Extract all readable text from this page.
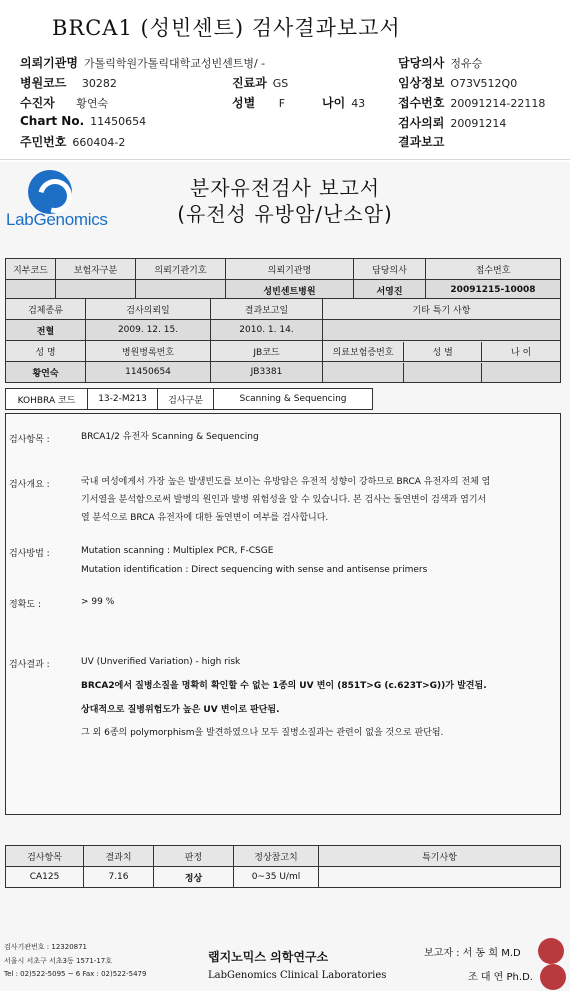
BRCA1 (성빈센트) 검사결과보고서
의뢰기관명 가톨릭학원가톨릭대학교성빈센트병/ -	담당의사 정유승
병원코드 30282	진료과 GS	임상정보 O73V512Q0
수진자 황연숙	성별 F	나이 43	접수번호 20091214-22118
Chart No. 11450654	검사의뢰 20091214
주민번호 660404-2	결과보고
LabGenomics
분자유전검사 보고서
(유전성 유방암/난소암)
지부코드	보험자구분	의뢰기관기호	의뢰기관명	담당의사	접수번호
			성빈센트병원	서영진	20091215-10008
검체종류	검사의뢰일	결과보고일	기타 특기 사항
전혈	2009. 12. 15.	2010. 1. 14.	
성 명	병원병록번호	JB코드		의료보험증번호	성 별	나 이

황연숙	11450654	JB3381	

KOHBRA 코드	13-2-M213	검사구분	Scanning & Sequencing
검사항목 :	BRCA1/2 유전자 Scanning & Sequencing
검사개요 :	국내 여성에게서 가장 높은 발생빈도를 보이는 유방암은 유전적 성향이 강하므로 BRCA 유전자의 전체 염
기서열을 분석함으로써 발병의 원인과 발병 위험성을 알 수 있습니다. 본 검사는 돌연변이 검색과 염기서
열 분석으로 BRCA 유전자에 대한 돌연변이 여부를 검사합니다.
검사방법 :	Mutation scanning : Multiplex PCR, F-CSGE
Mutation identification : Direct sequencing with sense and antisense primers
정확도 :	> 99 %
검사결과 :	UV (Unverified Variation) - high risk
BRCA2에서 질병소질을 명확히 확인할 수 없는 1종의 UV 변이 (851T>G (c.623T>G))가 발견됨.
상대적으로 질병위험도가 높은 UV 변이로 판단됨.
그 외 6종의 polymorphism을 발견하였으나 모두 질병소질과는 관련이 없을 것으로 판단됨.
검사항목	결과치	판정	정상참고치	특기사항
CA125	7.16	정상	0~35 U/ml	
검사기관번호 : 12320871
서울시 서초구 서초3동 1571-17호
Tel : 02)522-5095 ~ 6 Fax : 02)522-5479
랩지노믹스 의학연구소
LabGenomics Clinical Laboratories
보고자 : 서 동 희 M.D
조 대 연 Ph.D.
